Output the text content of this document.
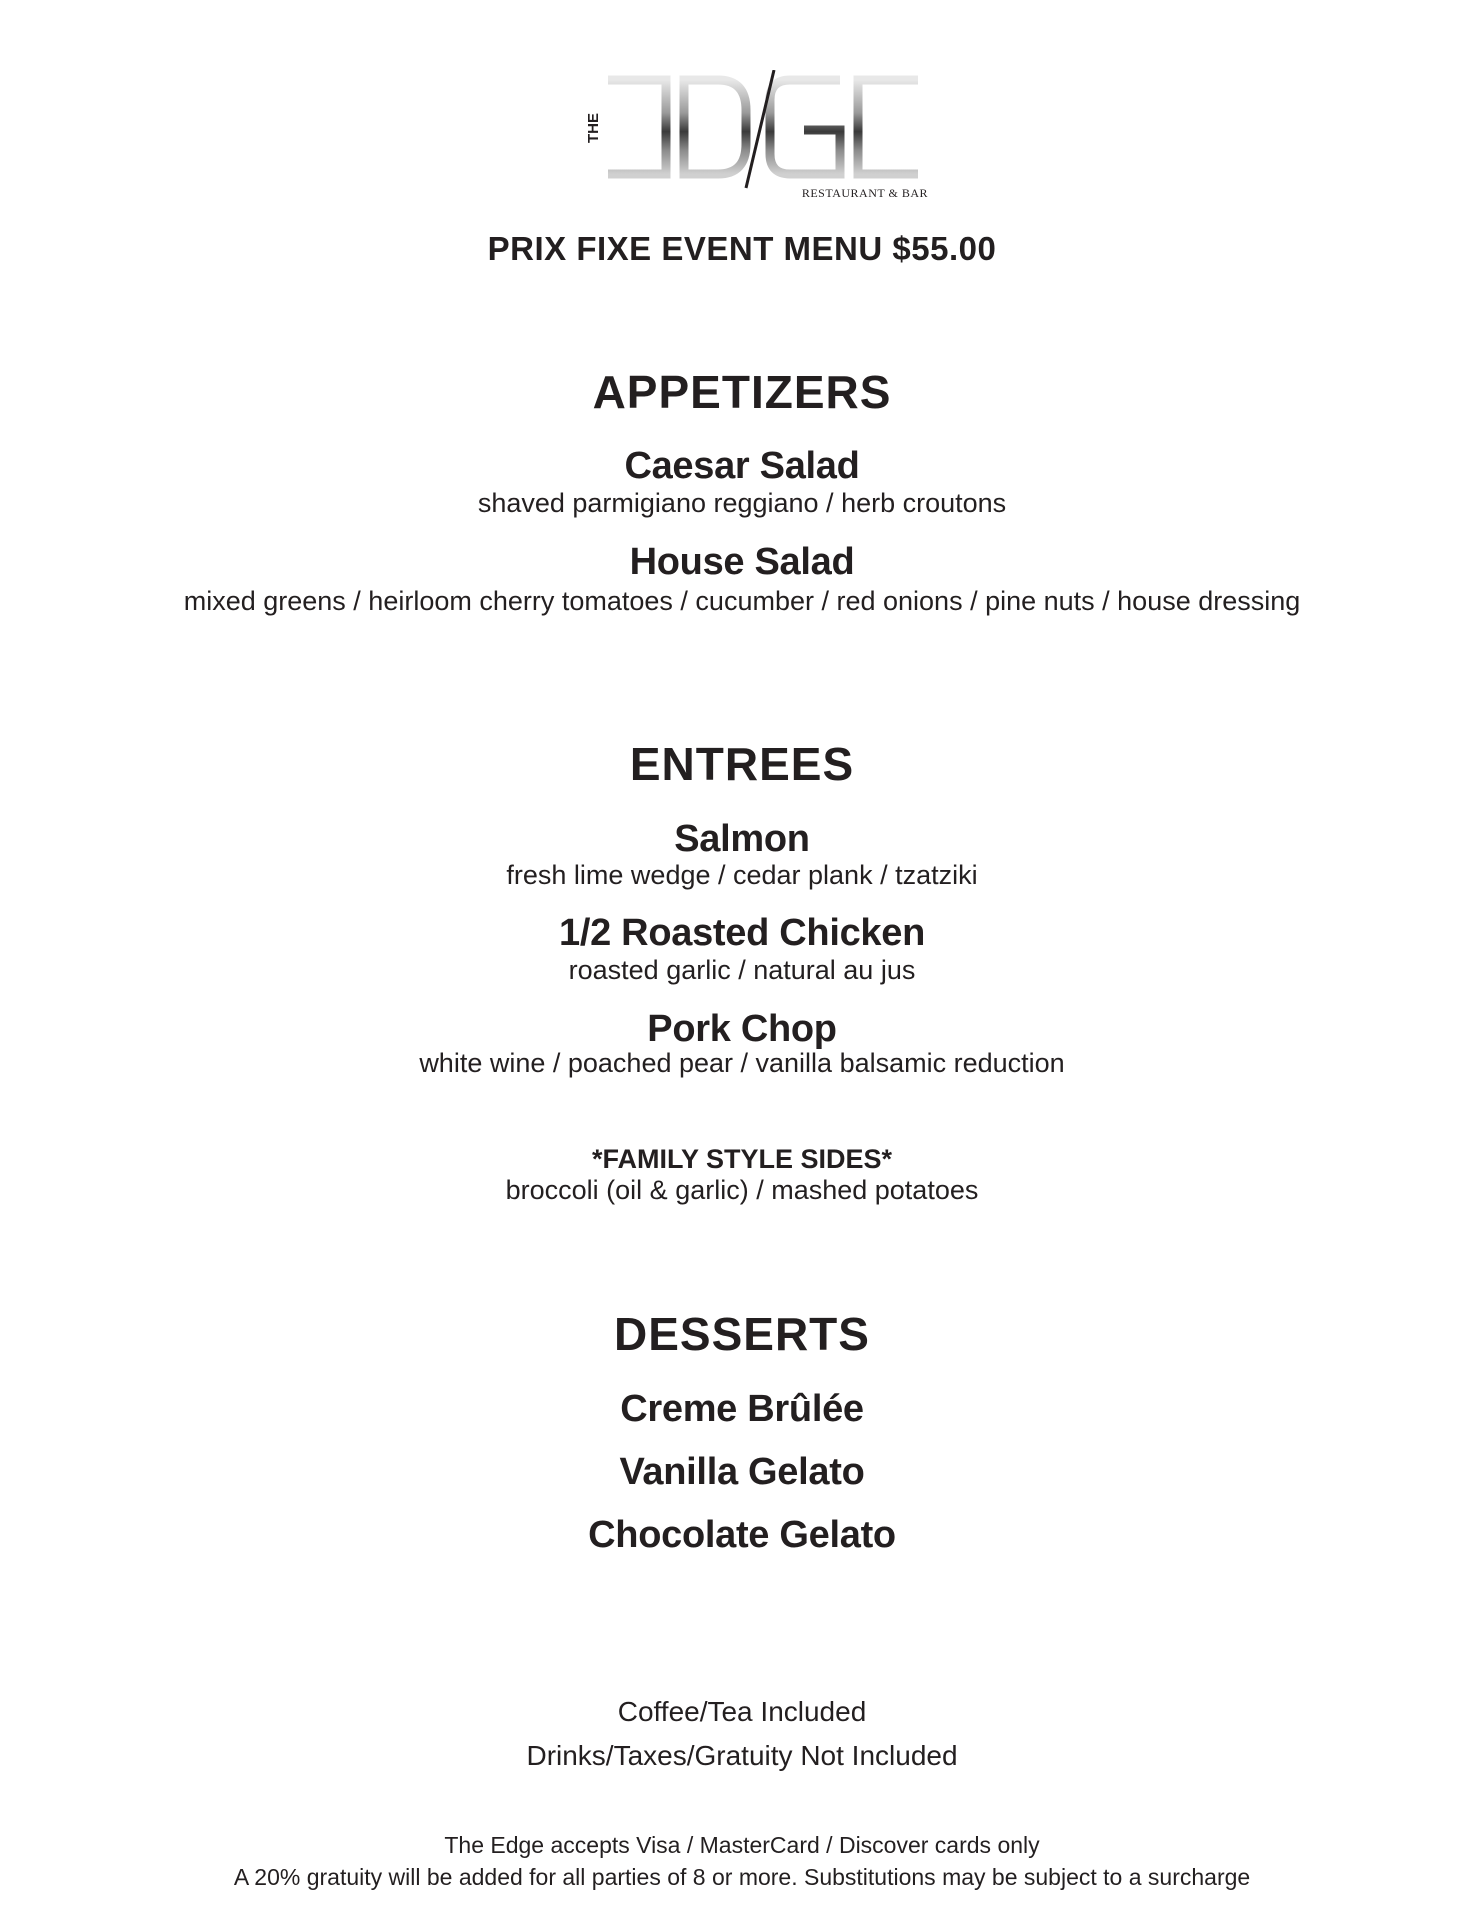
THE
RESTAURANT & BAR
PRIX FIXE EVENT MENU $55.00
APPETIZERS
Caesar Salad
shaved parmigiano reggiano / herb croutons
House Salad
mixed greens / heirloom cherry tomatoes / cucumber / red onions / pine nuts / house dressing
ENTREES
Salmon
fresh lime wedge / cedar plank / tzatziki
1/2 Roasted Chicken
roasted garlic / natural au jus
Pork Chop
white wine / poached pear / vanilla balsamic reduction
*FAMILY STYLE SIDES*
broccoli (oil & garlic) / mashed potatoes
DESSERTS
Creme Brûlée
Vanilla Gelato
Chocolate Gelato
Coffee/Tea Included
Drinks/Taxes/Gratuity Not Included
The Edge accepts Visa / MasterCard / Discover cards only
A 20% gratuity will be added for all parties of 8 or more. Substitutions may be subject to a surcharge
